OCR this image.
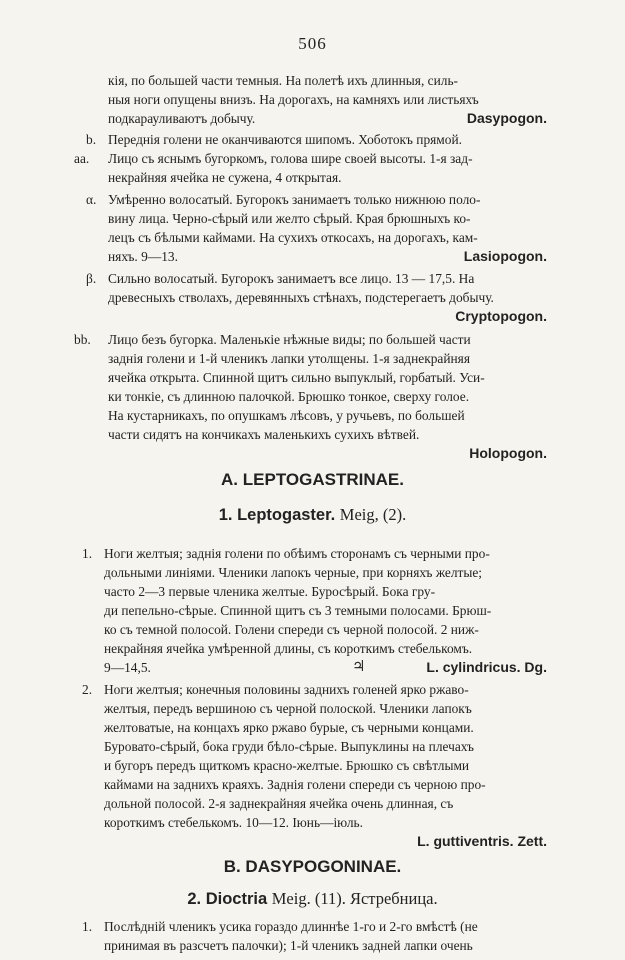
506
кія, по большей части темныя. На полетѣ ихъ длинныя, силь-
ныя ноги опущены внизъ. На дорогахъ, на камняхъ или листьяхъ
подкарауливаютъ добычу.	Dasypogon.
b. Переднія голени не оканчиваются шипомъ. Хоботокъ прямой.
aa. Лицо съ яснымъ бугоркомъ, голова шире своей высоты. 1-я зад-
некрайняя ячейка не сужена, 4 открытая.
α. Умѣренно волосатый. Бугорокъ занимаетъ только нижнюю поло-
вину лица. Черно-сѣрый или желто сѣрый. Края брюшныхъ ко-
лецъ съ бѣлыми каймами. На сухихъ откосахъ, на дорогахъ, кам-
няхъ. 9—13.	Lasiopogon.
β. Сильно волосатый. Бугорокъ занимаетъ все лицо. 13 — 17,5. На
древесныхъ стволахъ, деревянныхъ стѣнахъ, подстерегаетъ добычу.
Cryptopogon.
bb. Лицо безъ бугорка. Маленькіе нѣжные виды; по большей части
заднія голени и 1-й членикъ лапки утолщены. 1-я заднекрайняя
ячейка открыта. Спинной щитъ сильно выпуклый, горбатый. Уси-
ки тонкіе, съ длинною палочкой. Брюшко тонкое, сверху голое.
На кустарникахъ, по опушкамъ лѣсовъ, у ручьевъ, по большей
части сидятъ на кончикахъ маленькихъ сухихъ вѣтвей.
Holopogon.
A. LEPTOGASTRINAE.
1. Leptogaster. Meig, (2).
1. Ноги желтыя; заднія голени по обѣимъ сторонамъ съ черными про-
дольными линіями. Членики лапокъ черные, при корняхъ желтые;
часто 2—3 первые членика желтые. Буросѣрый. Бока гру-
ди пепельно-сѣрые. Спинной щитъ съ 3 темными полосами. Брюш-
ко съ темной полосой. Голени спереди съ черной полосой. 2 ниж-
некрайняя ячейка умѣренной длины, съ короткимъ стебелькомъ.
9—14,5.	♃	L. cylindricus. Dg.
2. Ноги желтыя; конечныя половины заднихъ голеней ярко ржаво-
желтыя, передъ вершиною съ черной полоской. Членики лапокъ
желтоватые, на концахъ ярко ржаво бурые, съ черными концами.
Буровато-сѣрый, бока груди бѣло-сѣрые. Выпуклины на плечахъ
и бугоръ передъ щиткомъ красно-желтые. Брюшко съ свѣтлыми
каймами на заднихъ краяхъ. Заднія голени спереди съ черною про-
дольной полосой. 2-я заднекрайняя ячейка очень длинная, съ
короткимъ стебелькомъ. 10—12. Іюнь—іюль.
L. guttiventris. Zett.
B. DASYPOGONINAE.
2. Dioctria Meig. (11). Ястребница.
1. Послѣдній членикъ усика гораздо длиннѣе 1-го и 2-го вмѣстѣ (не
принимая въ разсчетъ палочки); 1-й членикъ задней лапки очень
